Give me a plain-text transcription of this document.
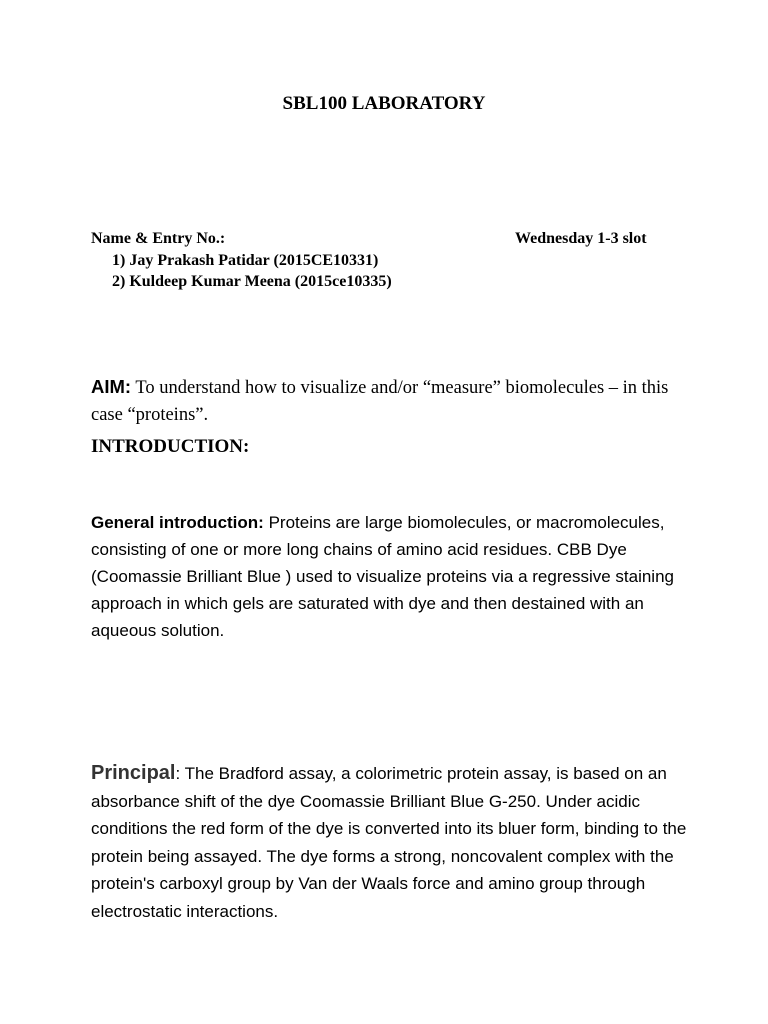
SBL100 LABORATORY
Name & Entry No.:	Wednesday 1-3 slot
1) Jay Prakash Patidar (2015CE10331)
2) Kuldeep Kumar Meena (2015ce10335)
AIM: To understand how to visualize and/or “measure” biomolecules – in this case “proteins”.
INTRODUCTION:
General introduction: Proteins are large biomolecules, or macromolecules, consisting of one or more long chains of amino acid residues. CBB Dye (Coomassie Brilliant Blue ) used to visualize proteins via a regressive staining approach in which gels are saturated with dye and then destained with an aqueous solution.
Principal: The Bradford assay, a colorimetric protein assay, is based on an absorbance shift of the dye Coomassie Brilliant Blue G-250. Under acidic conditions the red form of the dye is converted into its bluer form, binding to the protein being assayed. The dye forms a strong, noncovalent complex with the protein's carboxyl group by Van der Waals force and amino group through electrostatic interactions.
